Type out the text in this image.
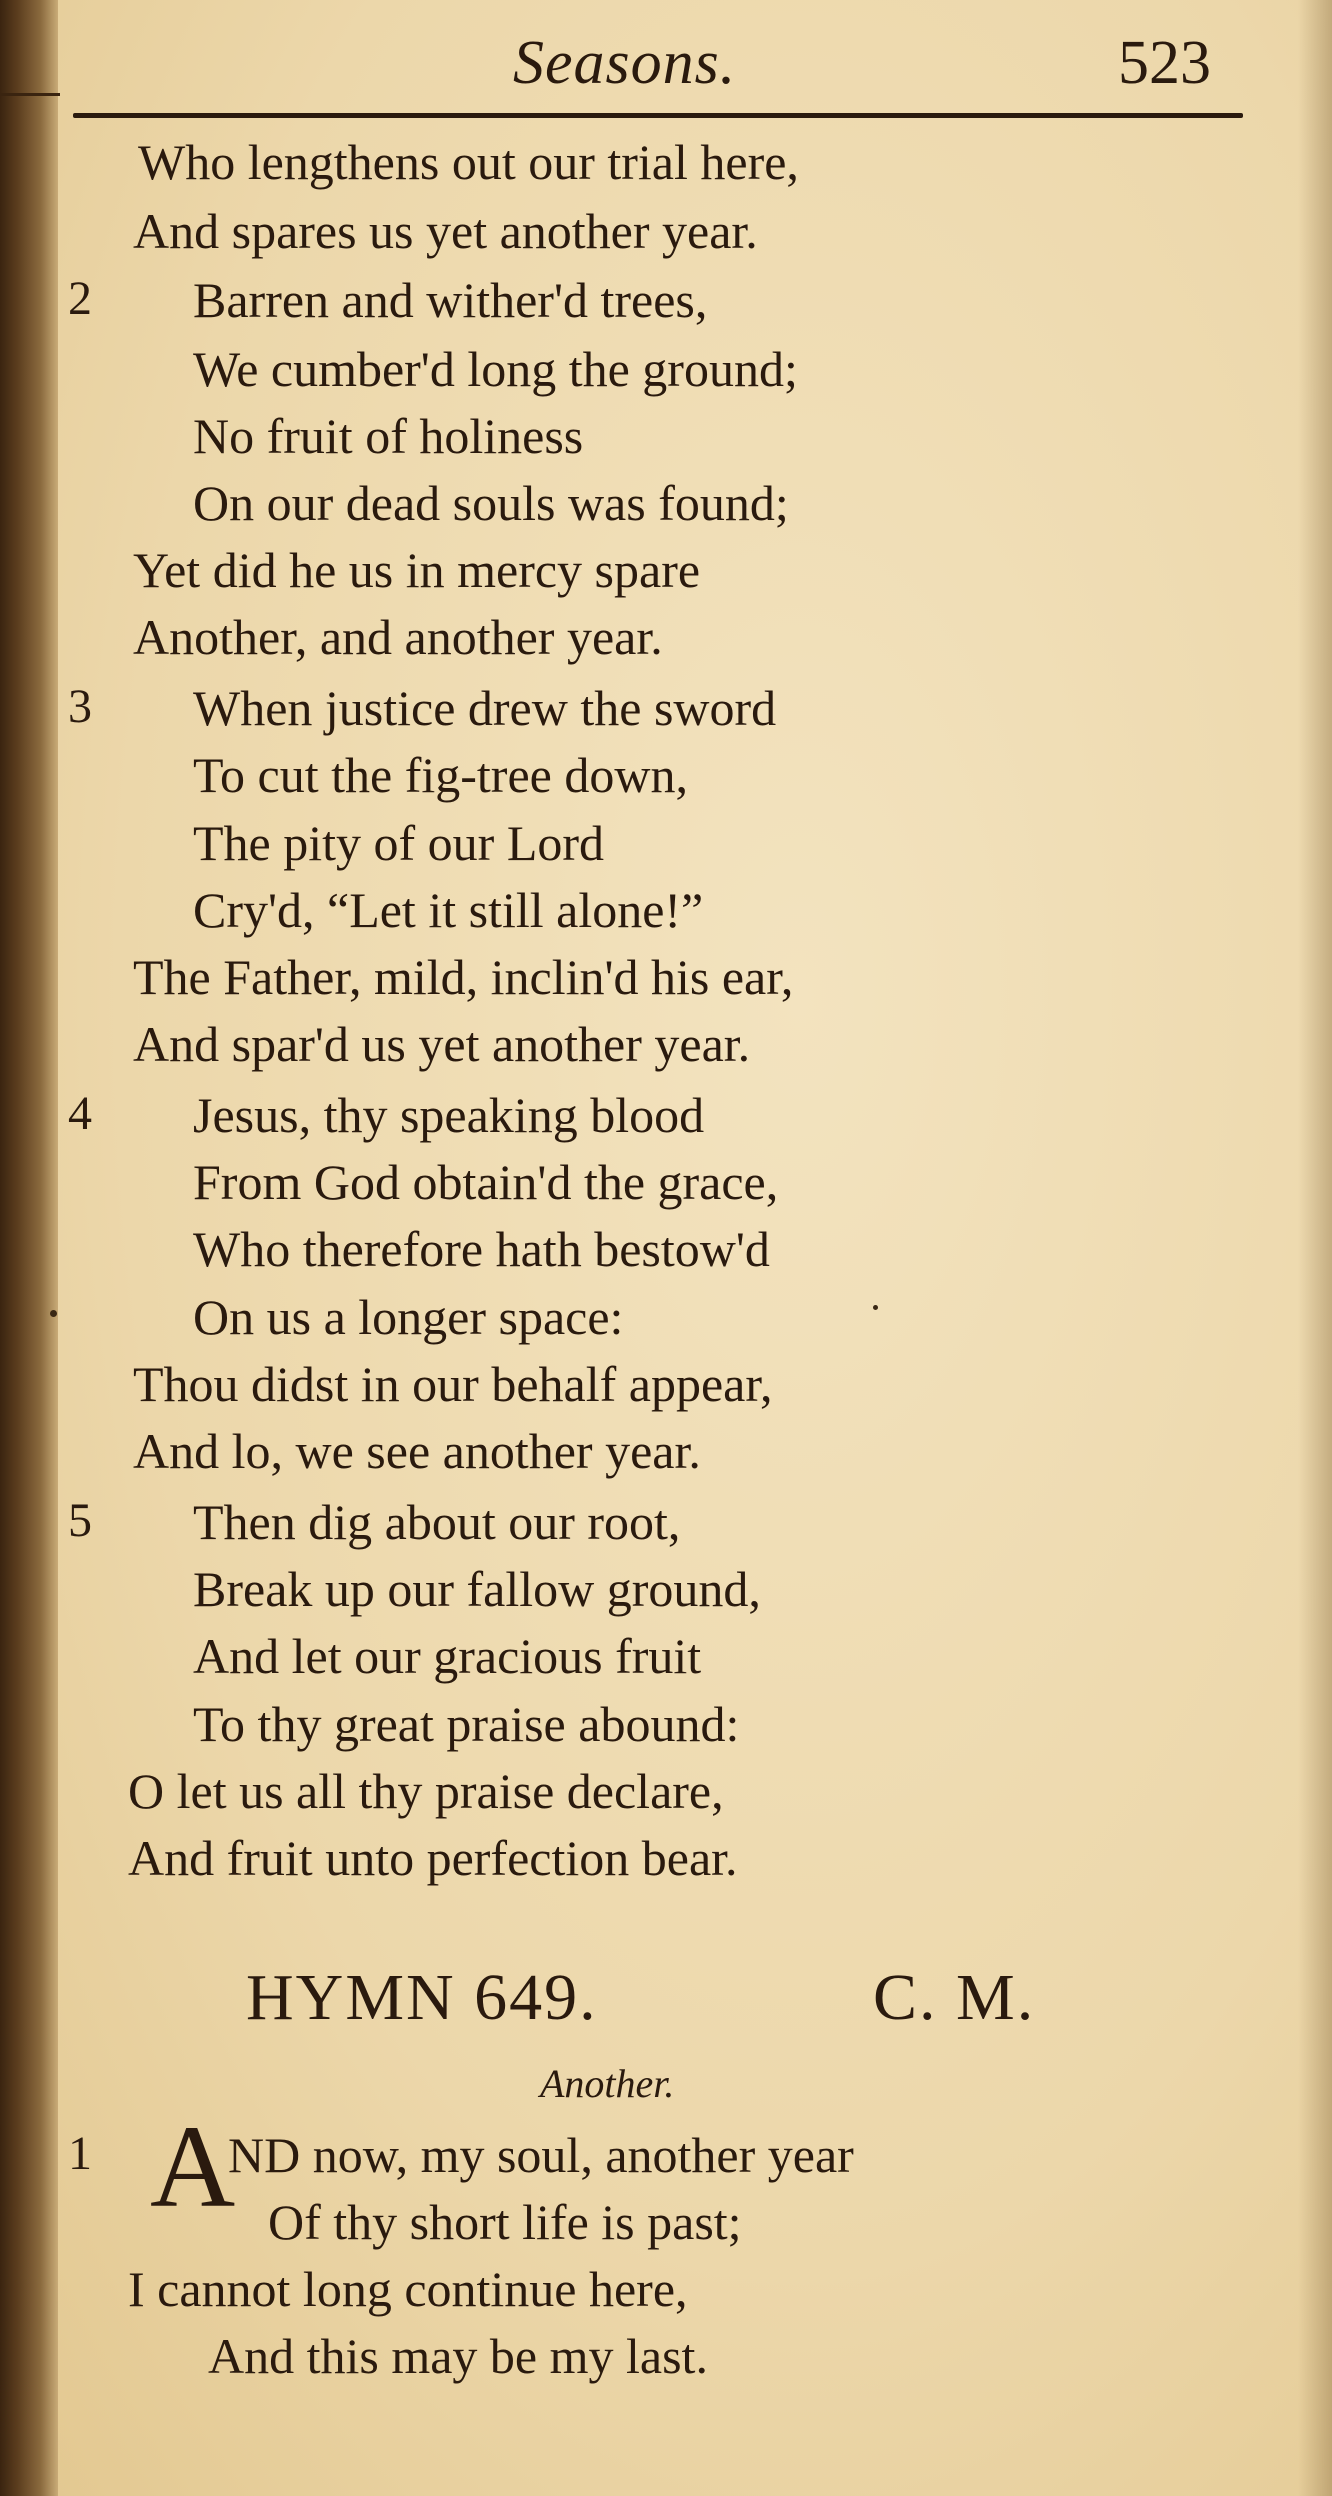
Seasons.	523
Who lengthens out our trial here,
And spares us yet another year.
2 Barren and wither'd trees,
We cumber'd long the ground;
No fruit of holiness
On our dead souls was found;
Yet did he us in mercy spare
Another, and another year.
3 When justice drew the sword
To cut the fig-tree down,
The pity of our Lord
Cry'd, “Let it still alone!”
The Father, mild, inclin'd his ear,
And spar'd us yet another year.
4 Jesus, thy speaking blood
From God obtain'd the grace,
Who therefore hath bestow'd
On us a longer space:
Thou didst in our behalf appear,
And lo, we see another year.
5 Then dig about our root,
Break up our fallow ground,
And let our gracious fruit
To thy great praise abound:
O let us all thy praise declare,
And fruit unto perfection bear.
HYMN 649.	C. M.
Another.
1 A
ND now, my soul, another year
Of thy short life is past;
I cannot long continue here,
And this may be my last.
